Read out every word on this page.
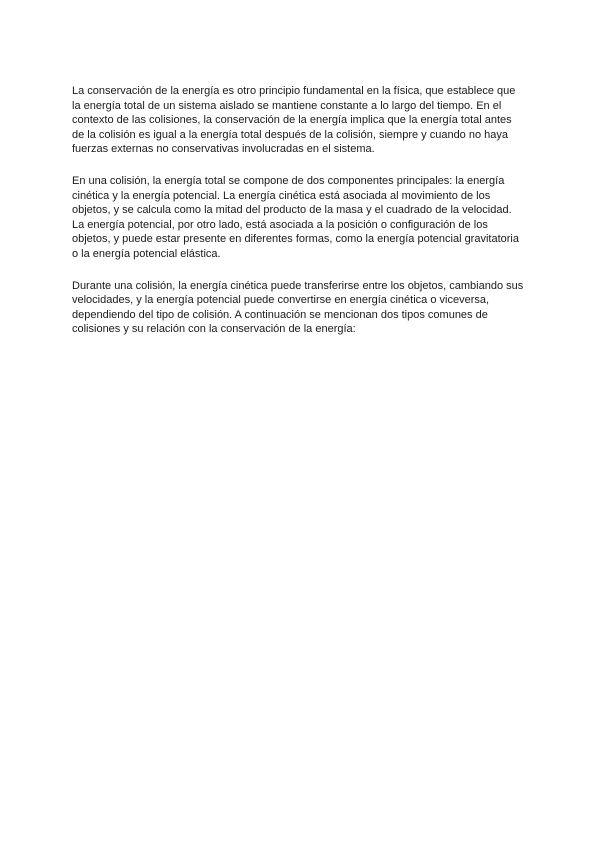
La conservación de la energía es otro principio fundamental en la física, que establece que
la energía total de un sistema aislado se mantiene constante a lo largo del tiempo. En el
contexto de las colisiones, la conservación de la energía implica que la energía total antes
de la colisión es igual a la energía total después de la colisión, siempre y cuando no haya
fuerzas externas no conservativas involucradas en el sistema.

En una colisión, la energía total se compone de dos componentes principales: la energía
cinética y la energía potencial. La energía cinética está asociada al movimiento de los
objetos, y se calcula como la mitad del producto de la masa y el cuadrado de la velocidad.
La energía potencial, por otro lado, está asociada a la posición o configuración de los
objetos, y puede estar presente en diferentes formas, como la energía potencial gravitatoria
o la energía potencial elástica.

Durante una colisión, la energía cinética puede transferirse entre los objetos, cambiando sus
velocidades, y la energía potencial puede convertirse en energía cinética o viceversa,
dependiendo del tipo de colisión. A continuación se mencionan dos tipos comunes de
colisiones y su relación con la conservación de la energía:
